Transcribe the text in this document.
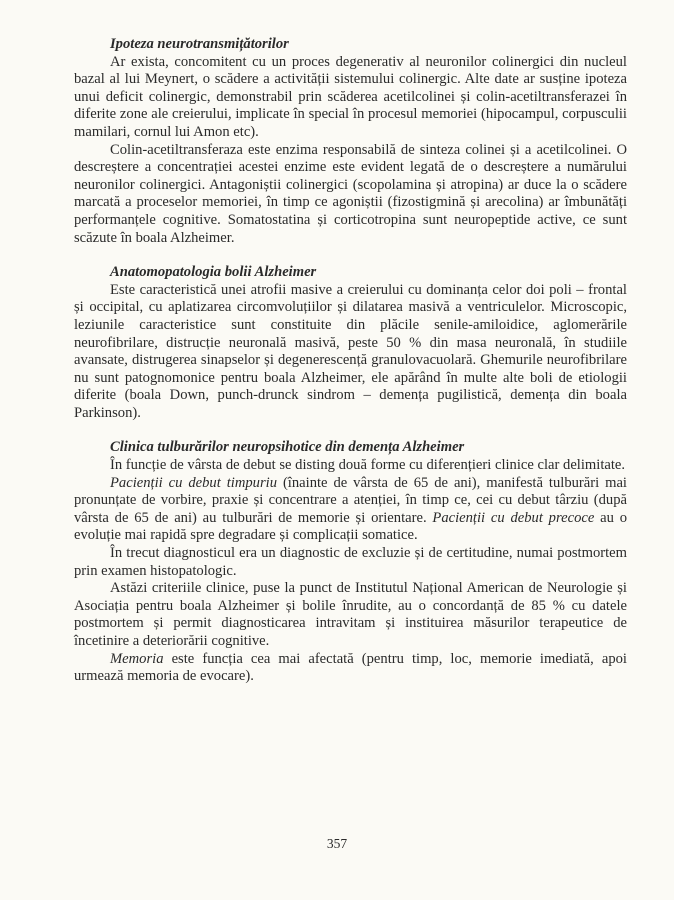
Ipoteza neurotransmițătorilor

Ar exista, concomitent cu un proces degenerativ al neuronilor colinergici din nucleul bazal al lui Meynert, o scădere a activității sistemului colinergic. Alte date ar susține ipoteza unui deficit colinergic, demonstrabil prin scăderea acetilcolinei și colin-acetiltransferazei în diferite zone ale creierului, implicate în special în procesul memoriei (hipocampul, corpusculii mamilari, cornul lui Amon etc).

Colin-acetiltransferaza este enzima responsabilă de sinteza colinei și a acetilcolinei. O descreștere a concentrației acestei enzime este evident legată de o descreștere a numărului neuronilor colinergici. Antagoniștii colinergici (scopolamina și atropina) ar duce la o scădere marcată a proceselor memoriei, în timp ce agoniștii (fizostigmină și arecolina) ar îmbunătăți performanțele cognitive. Somatostatina și corticotropina sunt neuropeptide active, ce sunt scăzute în boala Alzheimer.

Anatomopatologia bolii Alzheimer

Este caracteristică unei atrofii masive a creierului cu dominanța celor doi poli – frontal și occipital, cu aplatizarea circomvoluțiilor și dilatarea masivă a ventriculelor. Microscopic, leziunile caracteristice sunt constituite din plăcile senile-amiloidice, aglomerările neurofibrilare, distrucție neuronală masivă, peste 50 % din masa neuronală, în studiile avansate, distrugerea sinapselor și degenerescență granulovacuolară. Ghemurile neurofibrilare nu sunt patognomonice pentru boala Alzheimer, ele apărând în multe alte boli de etiologii diferite (boala Down, punch-drunck sindrom – demența pugilistică, demența din boala Parkinson).

Clinica tulburărilor neuropsihotice din demența Alzheimer

În funcție de vârsta de debut se disting două forme cu diferențieri clinice clar delimitate.

Pacienții cu debut timpuriu (înainte de vârsta de 65 de ani), manifestă tulburări mai pronunțate de vorbire, praxie și concentrare a atenției, în timp ce, cei cu debut târziu (după vârsta de 65 de ani) au tulburări de memorie și orientare. Pacienții cu debut precoce au o evoluție mai rapidă spre degradare și complicații somatice.

În trecut diagnosticul era un diagnostic de excluzie și de certitudine, numai postmortem prin examen histopatologic.

Astăzi criteriile clinice, puse la punct de Institutul Național American de Neurologie și Asociația pentru boala Alzheimer și bolile înrudite, au o concordanță de 85 % cu datele postmortem și permit diagnosticarea intravitam și instituirea măsurilor terapeutice de încetinire a deteriorării cognitive.

Memoria este funcția cea mai afectată (pentru timp, loc, memorie imediată, apoi urmează memoria de evocare).

357
